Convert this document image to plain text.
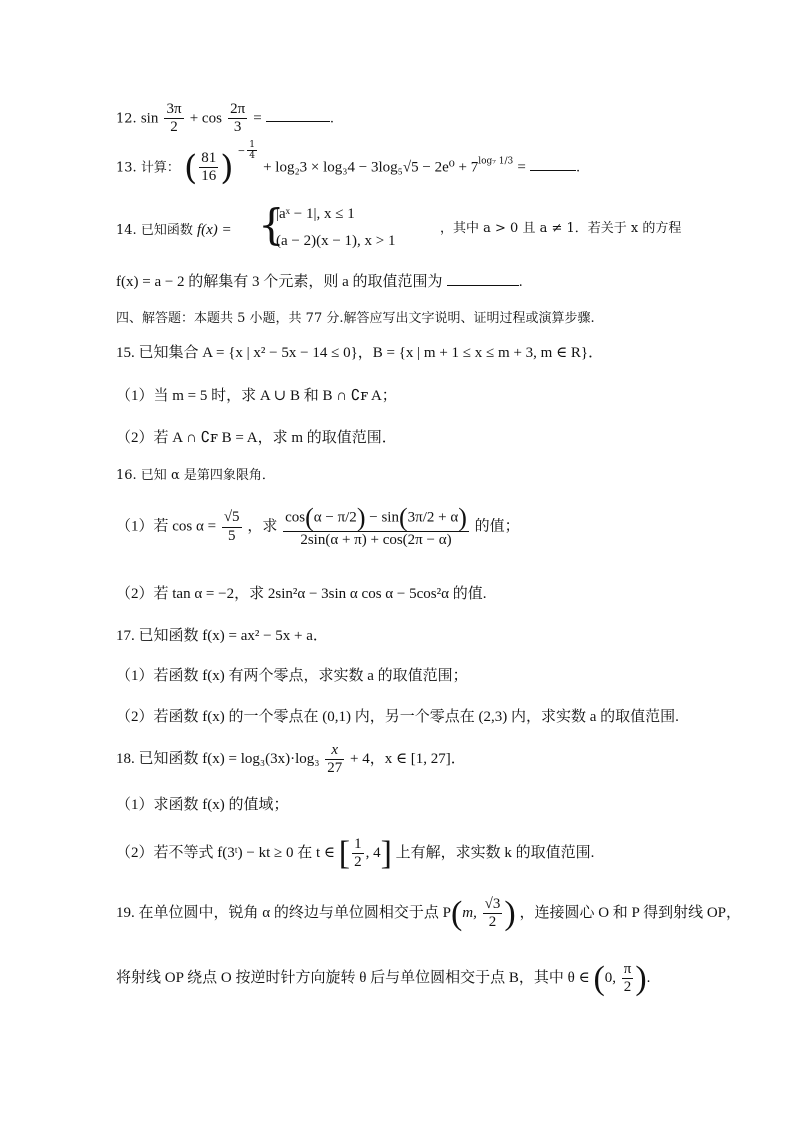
12. $\sin \frac{3\pi}{2} + \cos \frac{2\pi}{3}$ =	.
13. 计算： ( $\frac{81}{16}$ ) − $\frac{1}{4}$
+ $\log_23 \times \log_34 - 3\log_5√5 - 2e^0 + 7^{log_7 1/3}$ =	.
14. 已知函数 f(x) = {
|aˣ − 1|, x ≤ 1
(a − 2)(x − 1), x > 1
，其中 a > 0 且 a ≠ 1．若关于 x 的方程
f(x) = a − 2 的解集有 3 个元素，则 a 的取值范围为	.
四、解答题：本题共 5 小题，共 77 分.解答应写出文字说明、证明过程或演算步骤.
15. 已知集合 A = {x | x² − 5x − 14 ≤ 0}，B = {x | m + 1 ≤ x ≤ m + 3, m ∈ R}．
（1）当 m = 5 时，求 A ∪ B 和 B ∩ ∁ꜰ A；
（2）若 A ∩ ∁ꜰ B = A，求 m 的取值范围．
16. 已知 α 是第四象限角．
（1）若 $\cos \alpha = \frac{√5}{5}$ ，求 $\frac{\cos(\alpha - \pi/2) - \sin(3\pi/2 + \alpha)}{2\sin(\alpha + \pi) + \cos(2\pi - \alpha)}$ 的值；
（2）若 tan α = −2，求 2sin²α − 3sin α cos α − 5cos²α 的值.
17. 已知函数 f(x) = ax² − 5x + a．
（1）若函数 f(x) 有两个零点，求实数 a 的取值范围；
（2）若函数 f(x) 的一个零点在 (0,1) 内，另一个零点在 (2,3) 内，求实数 a 的取值范围.
18. 已知函数 $f(x) = \log_3(3x)\cdot\log_3 \frac{x}{27} + 4$，x ∈ [1, 27]．
（1）求函数 f(x) 的值域；
（2）若不等式 f(3ᵗ) − kt ≥ 0 在 t ∈ [ $\frac{1}{2}$ , 4] 上有解，求实数 k 的取值范围.
19. 在单位圆中，锐角 α 的终边与单位圆相交于点 P(m, $\frac{√3}{2}$ ) ，连接圆心 O 和 P 得到射线 OP，
将射线 OP 绕点 O 按逆时针方向旋转 θ 后与单位圆相交于点 B，其中 θ ∈ (0, $\frac{\pi}{2}$ ).
